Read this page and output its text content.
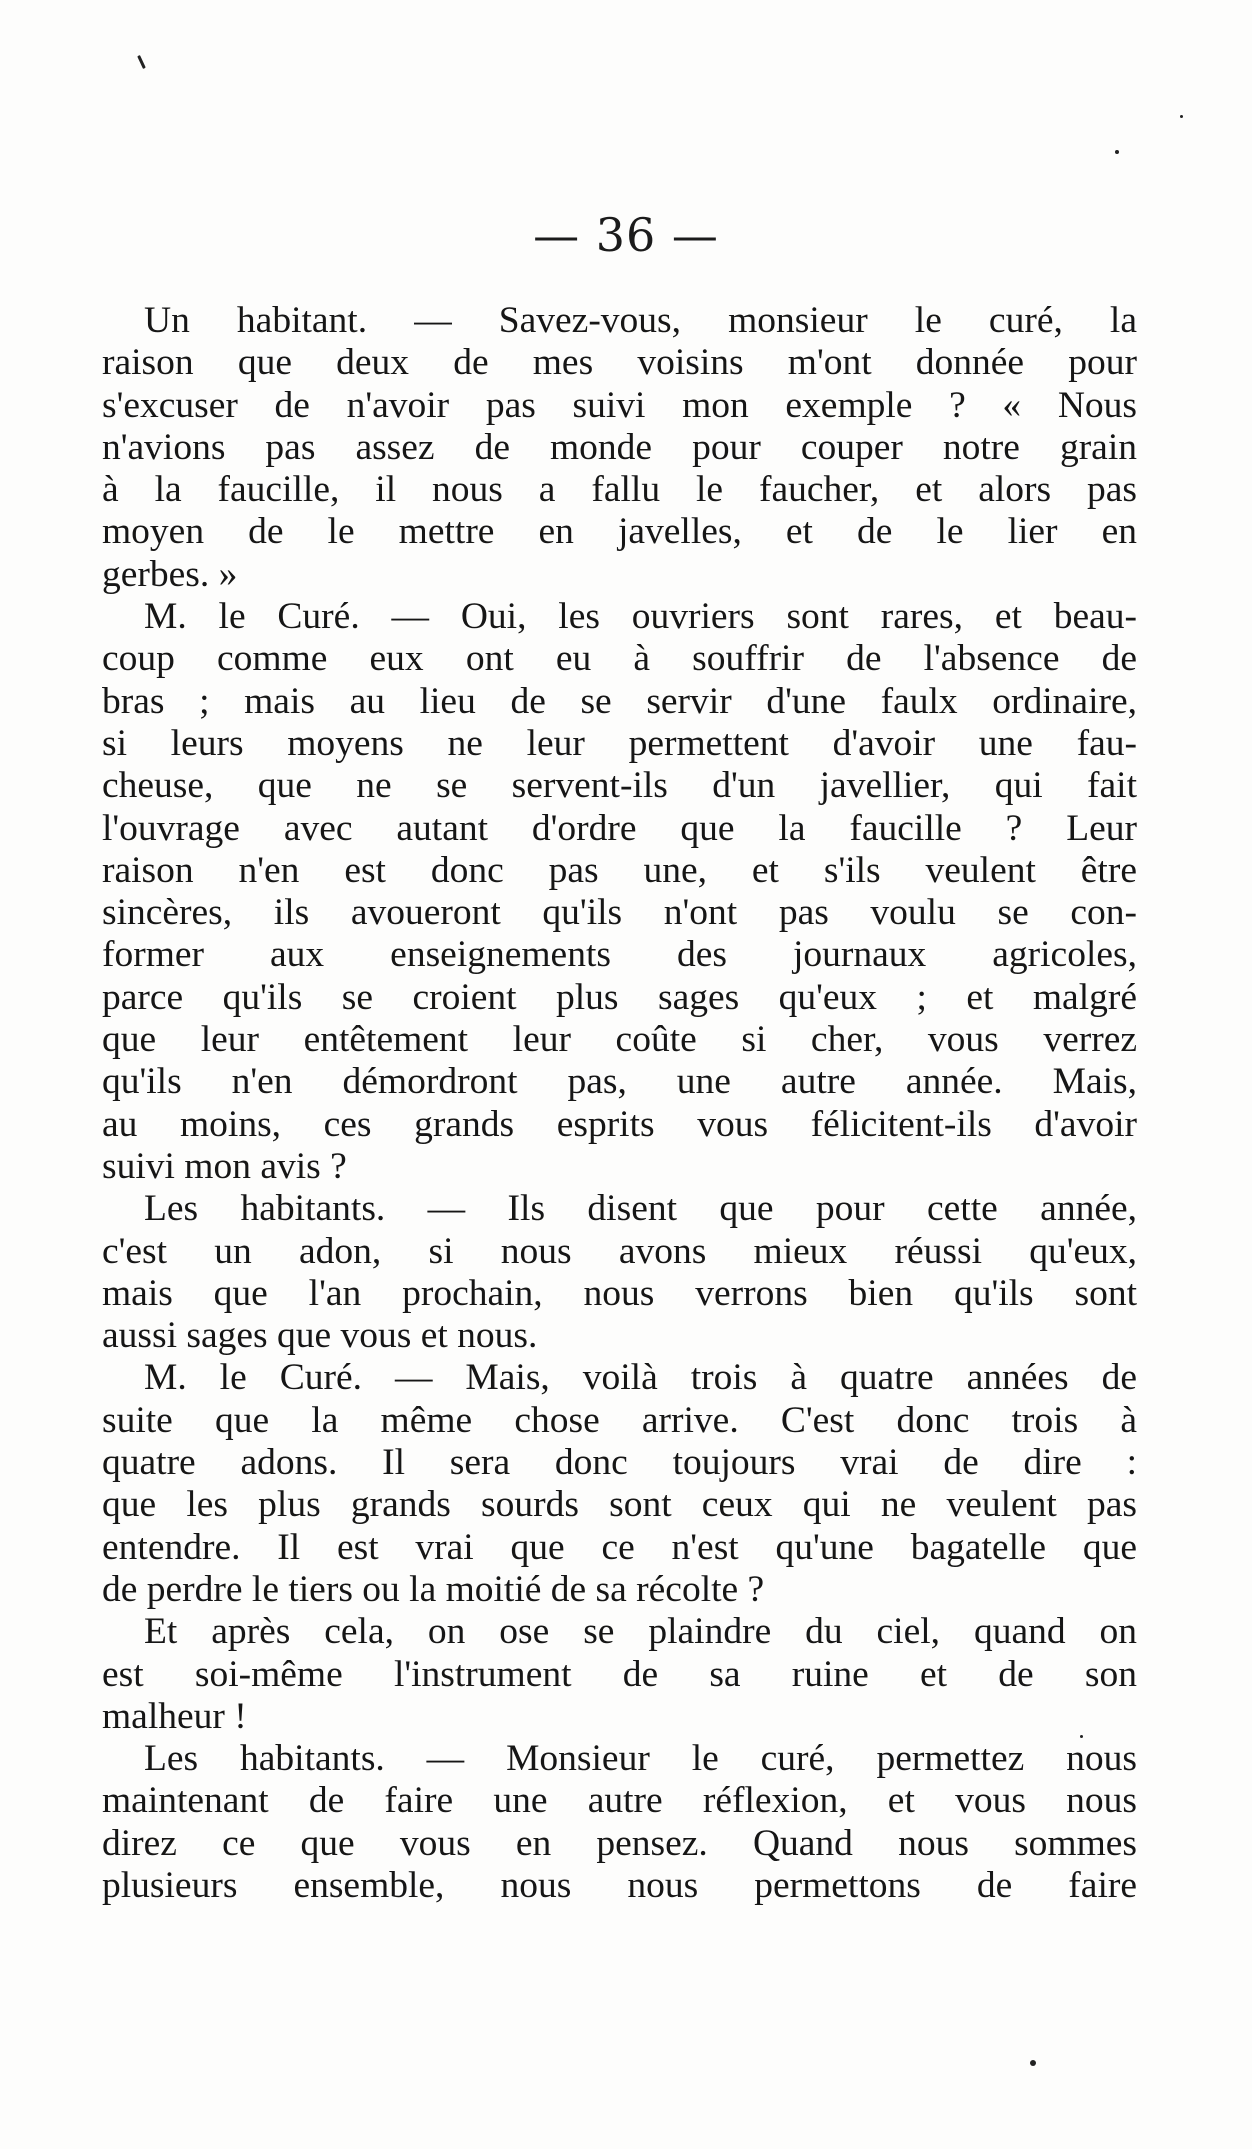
— 36 —
Un habitant. — Savez-vous, monsieur le curé, la
raison que deux de mes voisins m'ont donnée pour
s'excuser de n'avoir pas suivi mon exemple ? « Nous
n'avions pas assez de monde pour couper notre grain
à la faucille, il nous a fallu le faucher, et alors pas
moyen de le mettre en javelles, et de le lier en
gerbes. »
M. le Curé. — Oui, les ouvriers sont rares, et beau-
coup comme eux ont eu à souffrir de l'absence de
bras ; mais au lieu de se servir d'une faulx ordinaire,
si leurs moyens ne leur permettent d'avoir une fau-
cheuse, que ne se servent-ils d'un javellier, qui fait
l'ouvrage avec autant d'ordre que la faucille ? Leur
raison n'en est donc pas une, et s'ils veulent être
sincères, ils avoueront qu'ils n'ont pas voulu se con-
former aux enseignements des journaux agricoles,
parce qu'ils se croient plus sages qu'eux ; et malgré
que leur entêtement leur coûte si cher, vous verrez
qu'ils n'en démordront pas, une autre année. Mais,
au moins, ces grands esprits vous félicitent-ils d'avoir
suivi mon avis ?
Les habitants. — Ils disent que pour cette année,
c'est un adon, si nous avons mieux réussi qu'eux,
mais que l'an prochain, nous verrons bien qu'ils sont
aussi sages que vous et nous.
M. le Curé. — Mais, voilà trois à quatre années de
suite que la même chose arrive. C'est donc trois à
quatre adons. Il sera donc toujours vrai de dire :
que les plus grands sourds sont ceux qui ne veulent pas
entendre. Il est vrai que ce n'est qu'une bagatelle que
de perdre le tiers ou la moitié de sa récolte ?
Et après cela, on ose se plaindre du ciel, quand on
est soi-même l'instrument de sa ruine et de son
malheur !
Les habitants. — Monsieur le curé, permettez nous
maintenant de faire une autre réflexion, et vous nous
direz ce que vous en pensez. Quand nous sommes
plusieurs ensemble, nous nous permettons de faire
